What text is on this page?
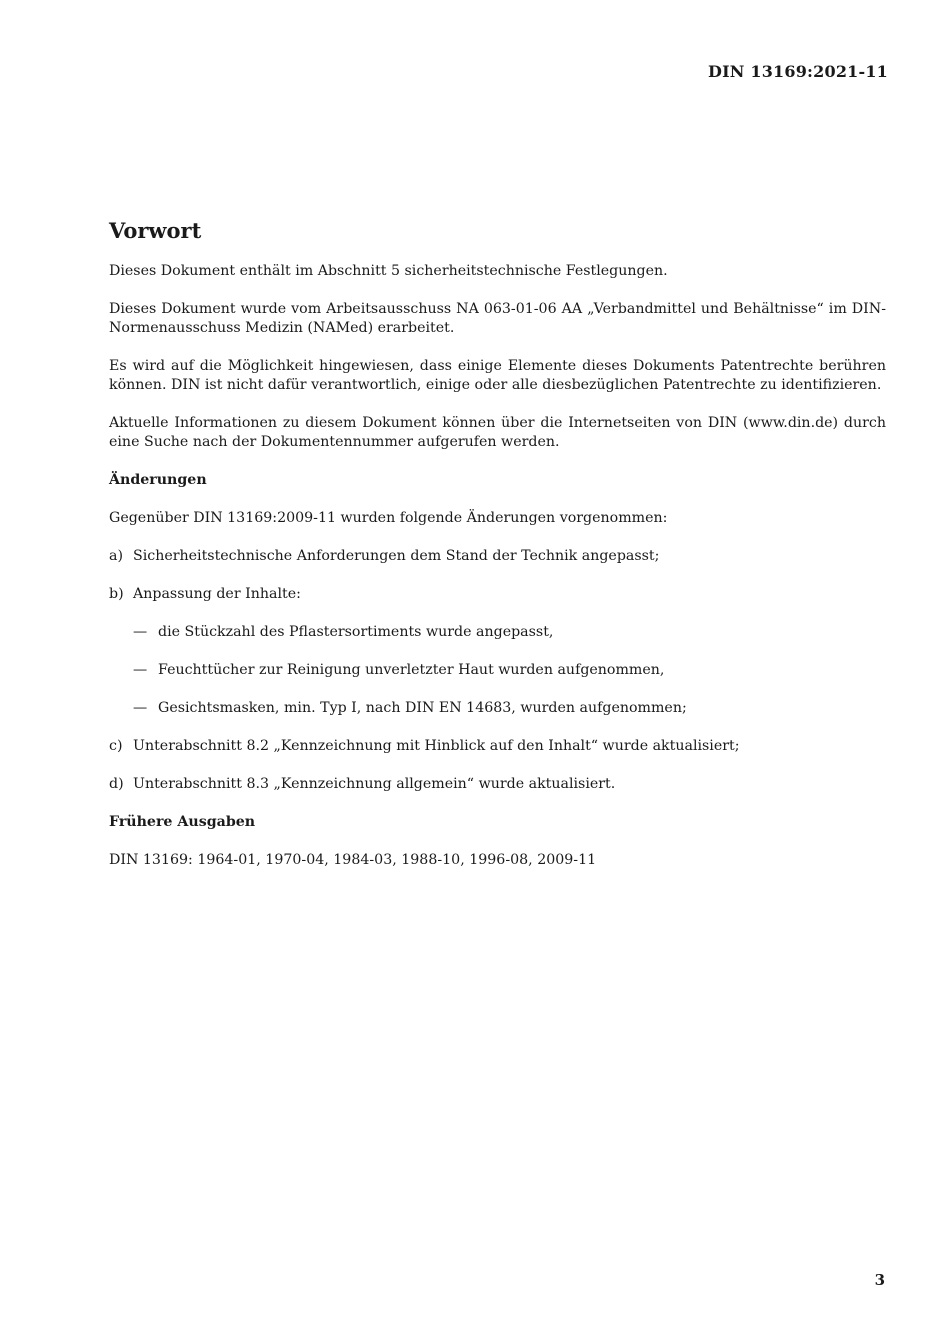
DIN 13169:2021-11
Vorwort

Dieses Dokument enthält im Abschnitt 5 sicherheitstechnische Festlegungen.

Dieses Dokument wurde vom Arbeitsausschuss NA 063-01-06 AA „Verbandmittel und Behältnisse“ im DIN-Normenausschuss Medizin (NAMed) erarbeitet.

Es wird auf die Möglichkeit hingewiesen, dass einige Elemente dieses Dokuments Patentrechte berühren können. DIN ist nicht dafür verantwortlich, einige oder alle diesbezüglichen Patentrechte zu identifizieren.

Aktuelle Informationen zu diesem Dokument können über die Internetseiten von DIN (www.din.de) durch eine Suche nach der Dokumentennummer aufgerufen werden.

Änderungen

Gegenüber DIN 13169:2009-11 wurden folgende Änderungen vorgenommen:

a) Sicherheitstechnische Anforderungen dem Stand der Technik angepasst;
b) Anpassung der Inhalte:
— die Stückzahl des Pflastersortiments wurde angepasst,
— Feuchttücher zur Reinigung unverletzter Haut wurden aufgenommen,
— Gesichtsmasken, min. Typ I, nach DIN EN 14683, wurden aufgenommen;
c) Unterabschnitt 8.2 „Kennzeichnung mit Hinblick auf den Inhalt“ wurde aktualisiert;
d) Unterabschnitt 8.3 „Kennzeichnung allgemein“ wurde aktualisiert.
Frühere Ausgaben

DIN 13169: 1964-01, 1970-04, 1984-03, 1988-10, 1996-08, 2009-11

3
